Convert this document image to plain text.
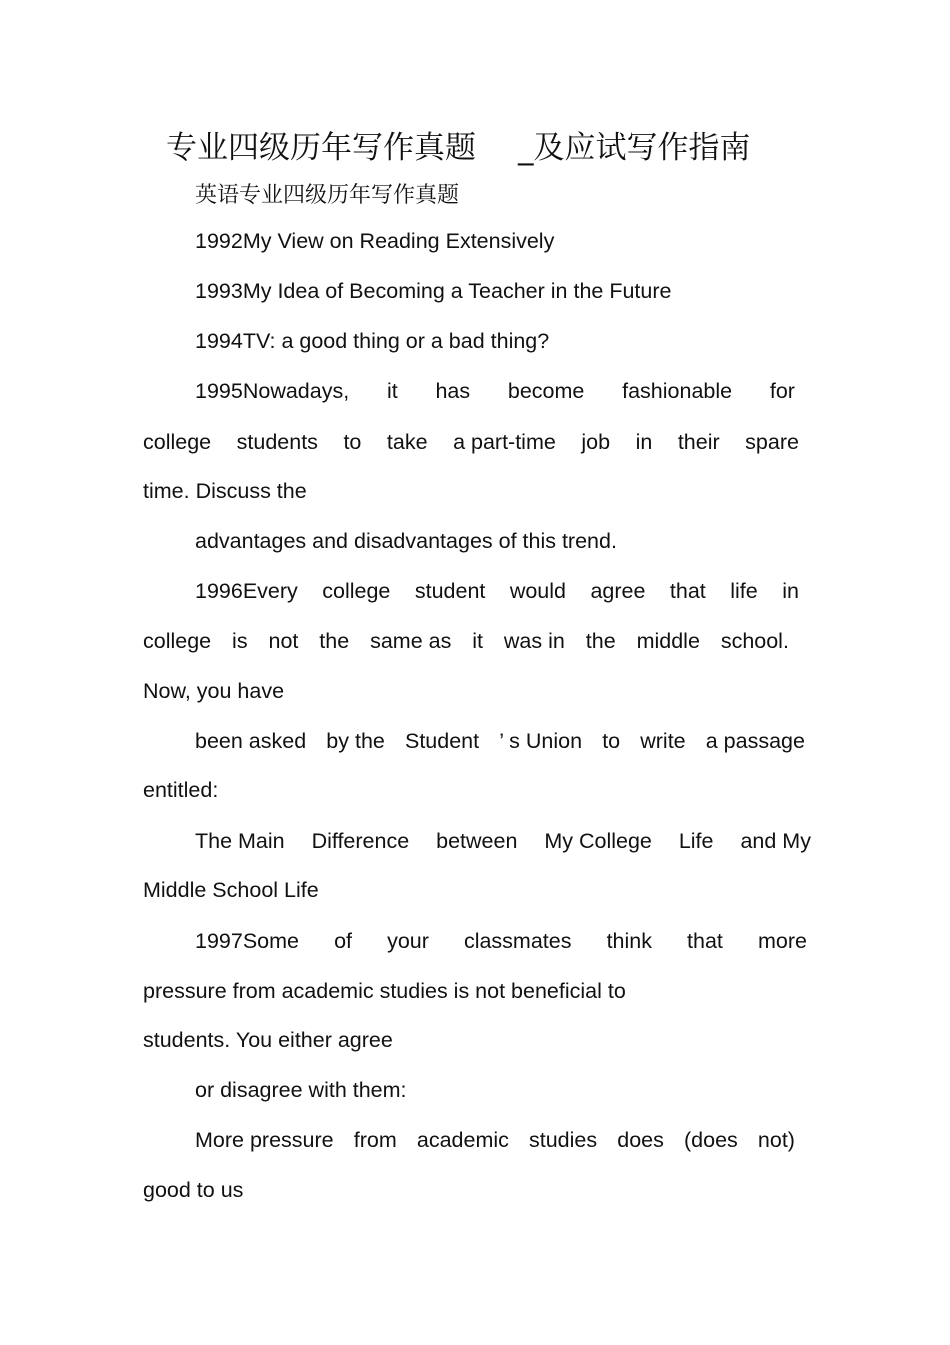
专业四级历年写作真题 _及应试写作指南
英语专业四级历年写作真题
1992My View on Reading Extensively
1993My Idea of Becoming a Teacher in the Future
1994TV: a good thing or a bad thing?
1995Nowadays, it has become fashionable for
college students to take a part-time job in their spare
time. Discuss the
advantages and disadvantages of this trend.
1996Every college student would agree that life in
college is not the same as it was in the middle school.
Now, you have
been asked by the Student ’ s Union to write a passage
entitled:
The Main Difference between My College Life and My
Middle School Life
1997Some of your classmates think that more
pressure from academic studies is not beneficial to
students. You either agree
or disagree with them:
More pressure from academic studies does (does not)
good to us
